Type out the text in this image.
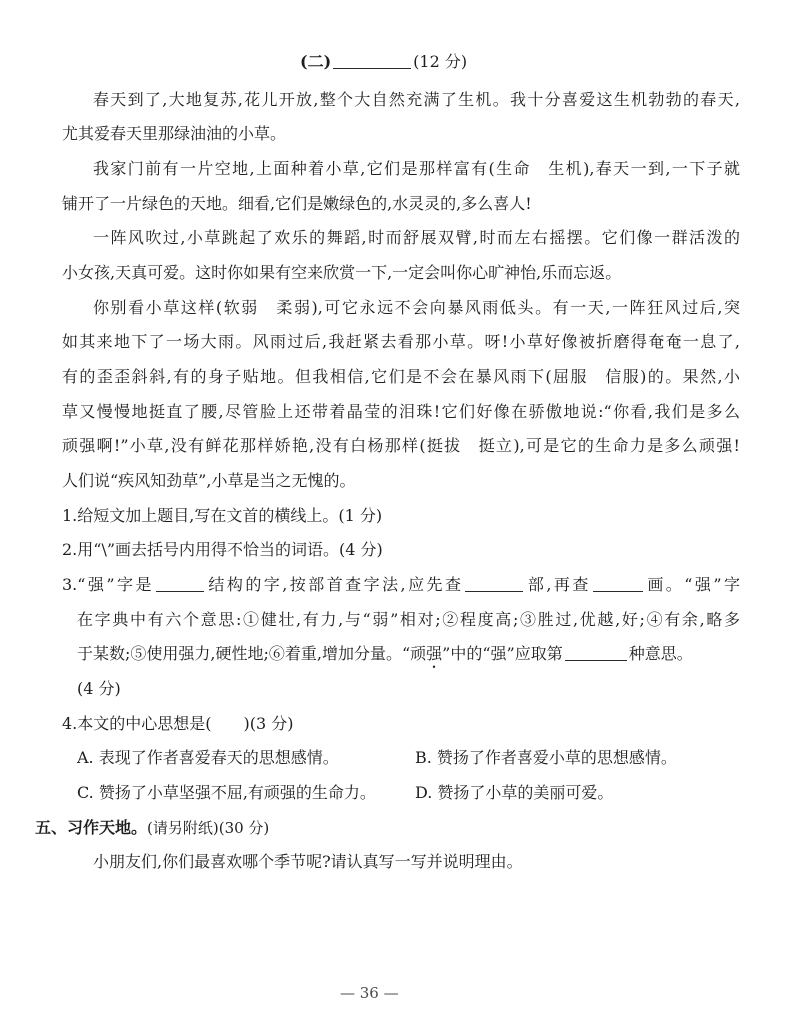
(二)	(12 分)
春天到了,大地复苏,花儿开放,整个大自然充满了生机。我十分喜爱这生机勃勃的春天,
尤其爱春天里那绿油油的小草。
我家门前有一片空地,上面种着小草,它们是那样富有(生命　生机),春天一到,一下子就
铺开了一片绿色的天地。细看,它们是嫩绿色的,水灵灵的,多么喜人!
一阵风吹过,小草跳起了欢乐的舞蹈,时而舒展双臂,时而左右摇摆。它们像一群活泼的
小女孩,天真可爱。这时你如果有空来欣赏一下,一定会叫你心旷神怡,乐而忘返。
你别看小草这样(软弱　柔弱),可它永远不会向暴风雨低头。有一天,一阵狂风过后,突
如其来地下了一场大雨。风雨过后,我赶紧去看那小草。呀!小草好像被折磨得奄奄一息了,
有的歪歪斜斜,有的身子贴地。但我相信,它们是不会在暴风雨下(屈服　信服)的。果然,小
草又慢慢地挺直了腰,尽管脸上还带着晶莹的泪珠!它们好像在骄傲地说:“你看,我们是多么
顽强啊!”小草,没有鲜花那样娇艳,没有白杨那样(挺拔　挺立),可是它的生命力是多么顽强!
人们说“疾风知劲草”,小草是当之无愧的。
1.给短文加上题目,写在文首的横线上。(1 分)
2.用“\”画去括号内用得不恰当的词语。(4 分)
3.“强”字是	结构的字,按部首查字法,应先查	部,再查	画。“强”字
在字典中有六个意思:①健壮,有力,与“弱”相对;②程度高;③胜过,优越,好;④有余,略多
于某数;⑤使用强力,硬性地;⑥着重,增加分量。“顽强”中的“强”应取第	种意思。
(4 分)
4.本文的中心思想是(　　)(3 分)
A. 表现了作者喜爱春天的思想感情。	B. 赞扬了作者喜爱小草的思想感情。
C. 赞扬了小草坚强不屈,有顽强的生命力。 D. 赞扬了小草的美丽可爱。
五、习作天地。(请另附纸)(30 分)
小朋友们,你们最喜欢哪个季节呢?请认真写一写并说明理由。
— 36 —
